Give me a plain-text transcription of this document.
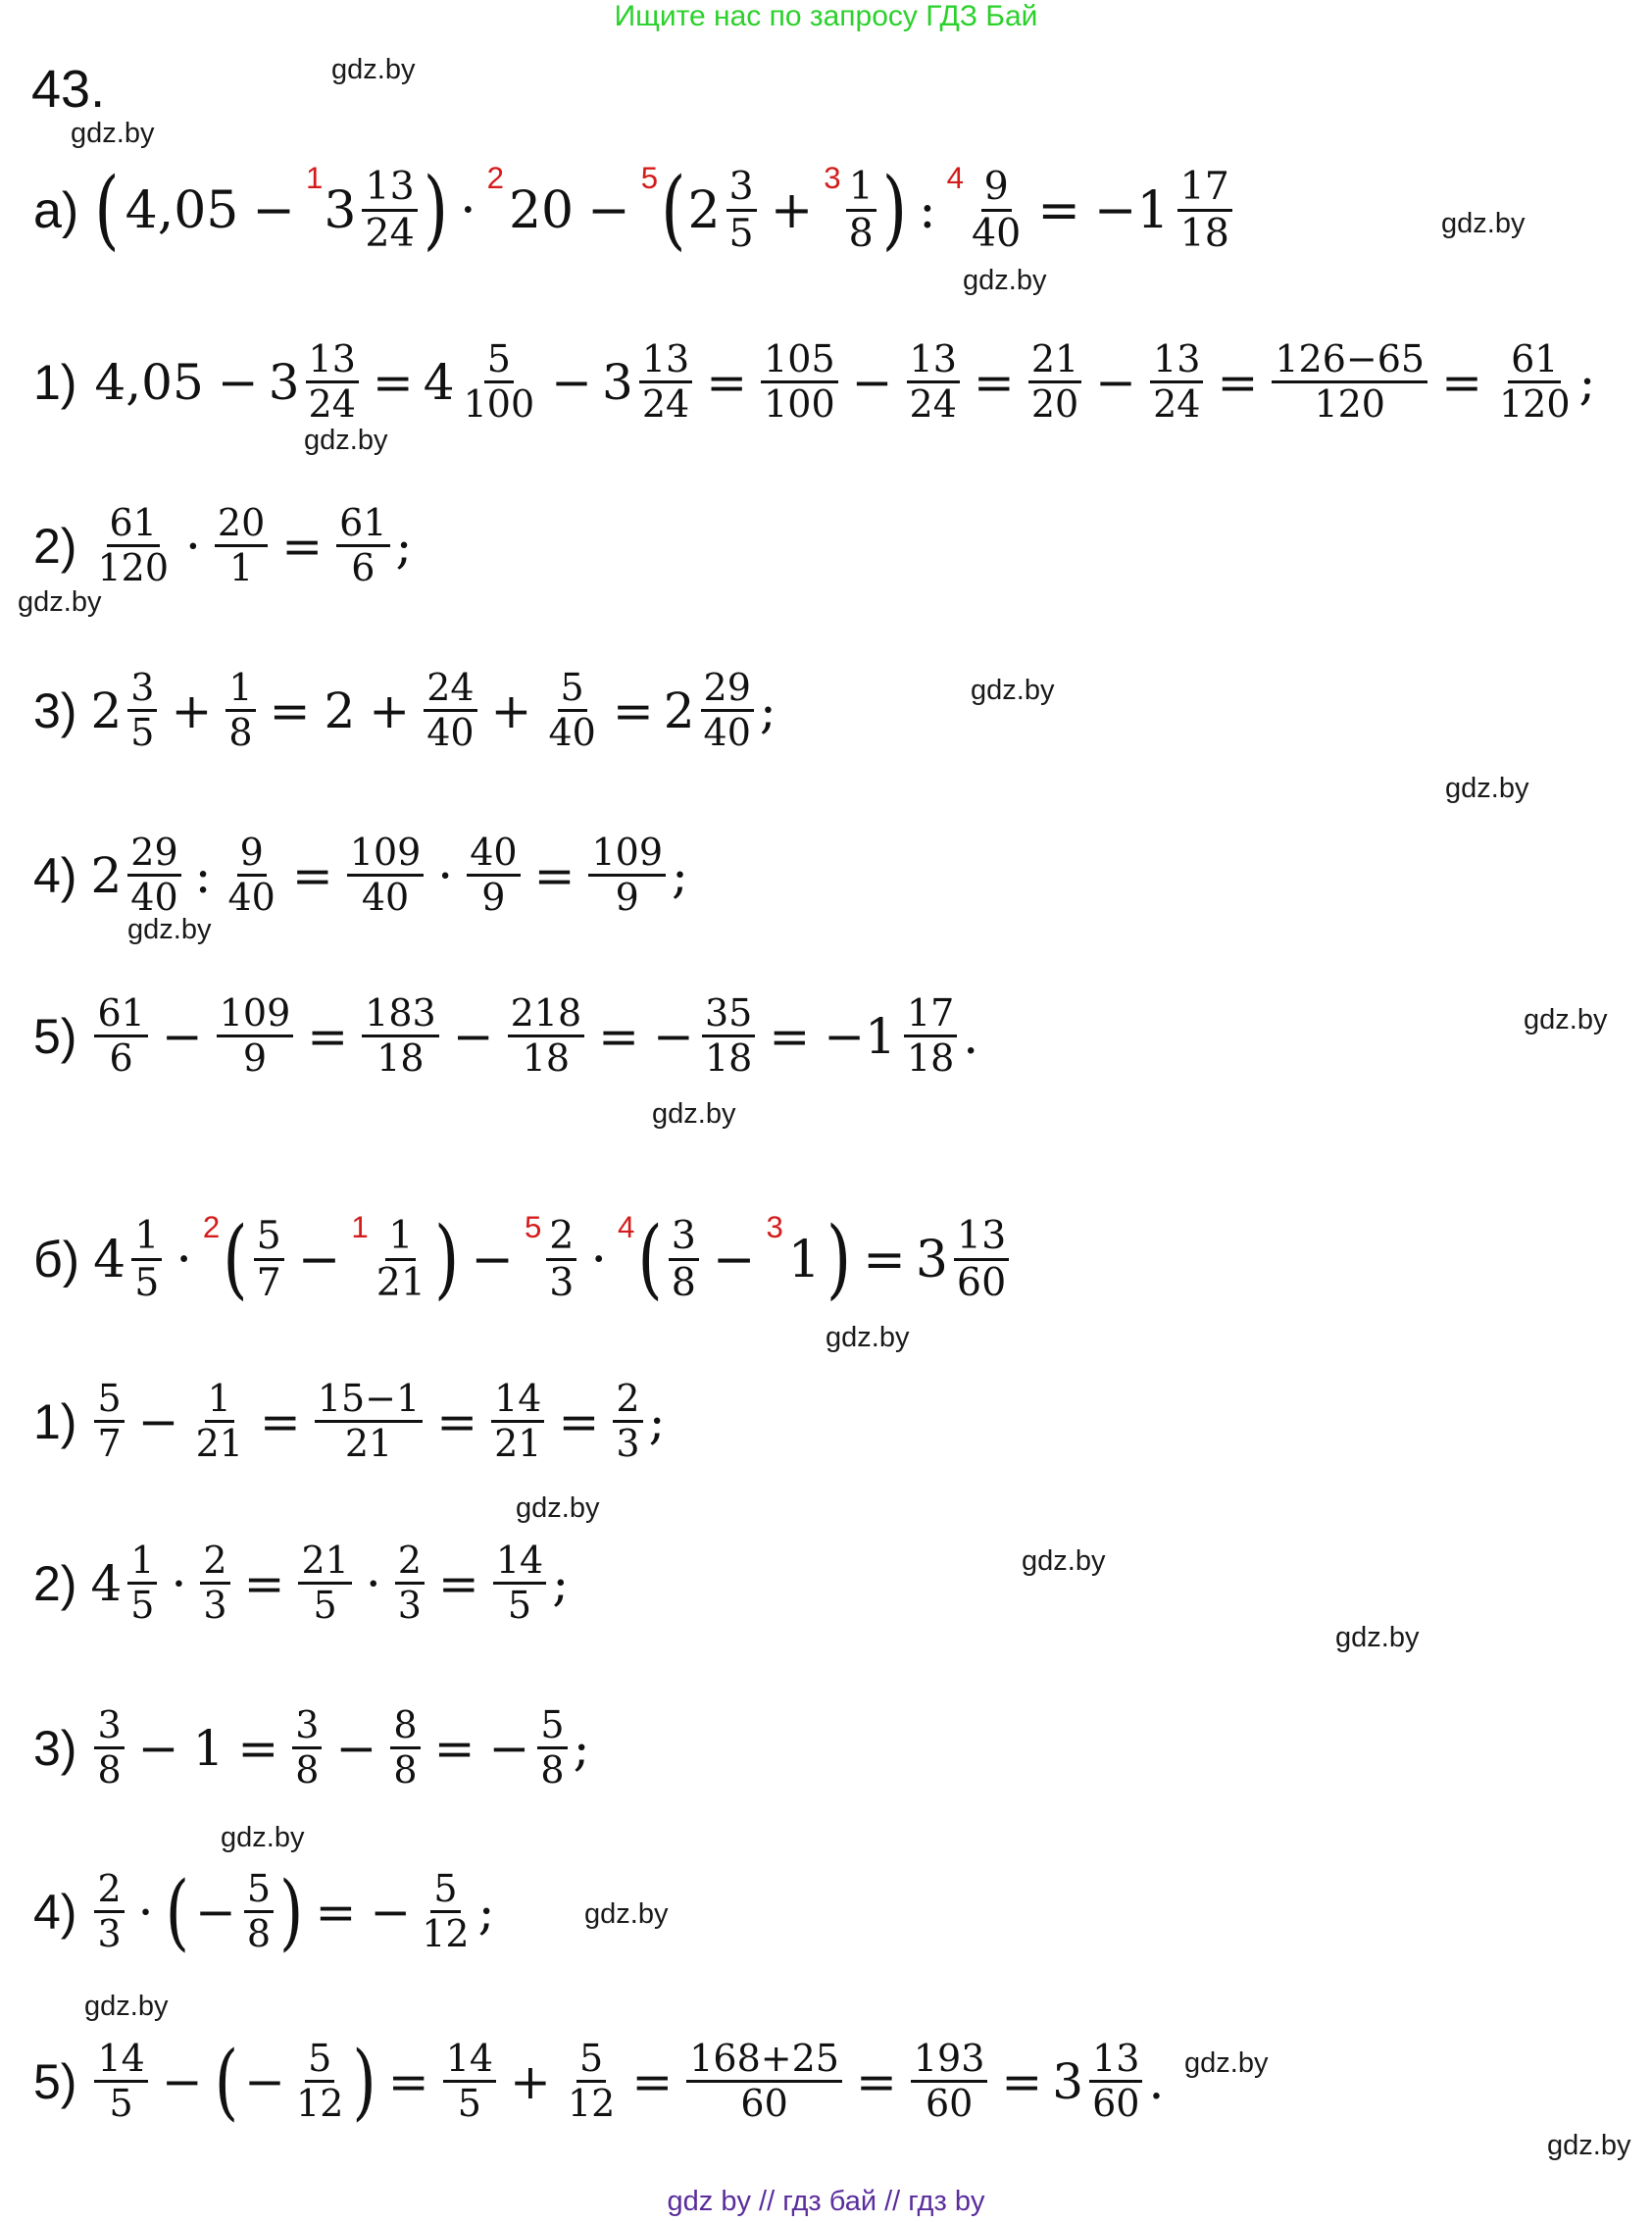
Ищите нас по запросу ГДЗ Бай
43.	gdz.by
gdz.by
gdz.by
gdz.by
gdz.by
gdz.by
gdz.by
gdz.by
gdz.by
gdz.by
gdz.by
gdz.by
gdz.by
gdz.by
gdz.by
gdz.by
gdz.by
gdz.by
gdz.by
gdz.by
а) ( 4,05 −
1
$3 \frac{13}{24}$ ) ·
2
20 −
5 ( $2 \frac{3}{5}$ +
$3 \frac{1}{8}$ ) :
$4 \frac{9}{40} = -1 \frac{17}{18}$
1) $4,05 - 3 \frac{13}{24} = 4 \frac{5}{100} - 3 \frac{13}{24} = \frac{105}{100} - \frac{13}{24} = \frac{21}{20} - \frac{13}{24} = \frac{126-65}{120} = \frac{61}{120}$ ;
$2) \frac{61}{120} \cdot \frac{20}{1} = \frac{61}{6}$ ;
3) $2 \frac{3}{5} + \frac{1}{8} = 2 + \frac{24}{40} + \frac{5}{40} = 2 \frac{29}{40}$ ;
4) $2 \frac{29}{40}$ : $\frac{9}{40} = \frac{109}{40} \cdot \frac{40}{9} = \frac{109}{9}$ ;
$5) \frac{61}{6} - \frac{109}{9} = \frac{183}{18} - \frac{218}{18}$ = − $\frac{35}{18} = -1 \frac{17}{18}$ .
б) $4 \frac{1}{5}$ ·
2 ( $\frac{5}{7}$ −
$1 \frac{1}{21}$ ) −
$5 \frac{2}{3}$ ·
4 ( $\frac{3}{8}$ −
3
1 ) = $3 \frac{13}{60}$
$1) \frac{5}{7} - \frac{1}{21} = \frac{15-1}{21} = \frac{14}{21} = \frac{2}{3}$ ;
2) $4 \frac{1}{5} \cdot \frac{2}{3} = \frac{21}{5} \cdot \frac{2}{3} = \frac{14}{5}$ ;
$3) \frac{3}{8} - 1 = \frac{3}{8} - \frac{8}{8}$ = − $\frac{5}{8}$ ;
$4) \frac{2}{3}$ · ( − $\frac{5}{8}$ ) = − $\frac{5}{12}$ ;
$5) \frac{14}{5}$ − ( − $\frac{5}{12}$ ) = $\frac{14}{5} + \frac{5}{12} = \frac{168+25}{60} = \frac{193}{60} = 3 \frac{13}{60}$ .
gdz by // гдз бай // гдз by
